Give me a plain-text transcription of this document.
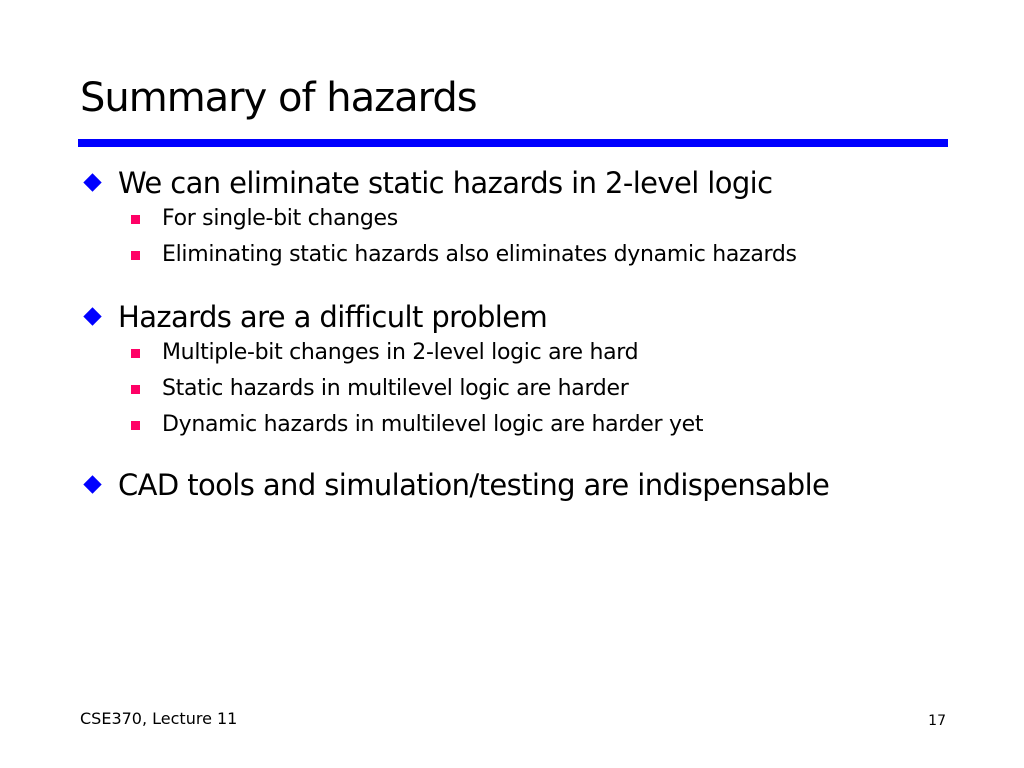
Summary of hazards
We can eliminate static hazards in 2-level logic
For single-bit changes
Eliminating static hazards also eliminates dynamic hazards
Hazards are a difficult problem
Multiple-bit changes in 2-level logic are hard
Static hazards in multilevel logic are harder
Dynamic hazards in multilevel logic are harder yet
CAD tools and simulation/testing are indispensable
CSE370, Lecture 11	17
